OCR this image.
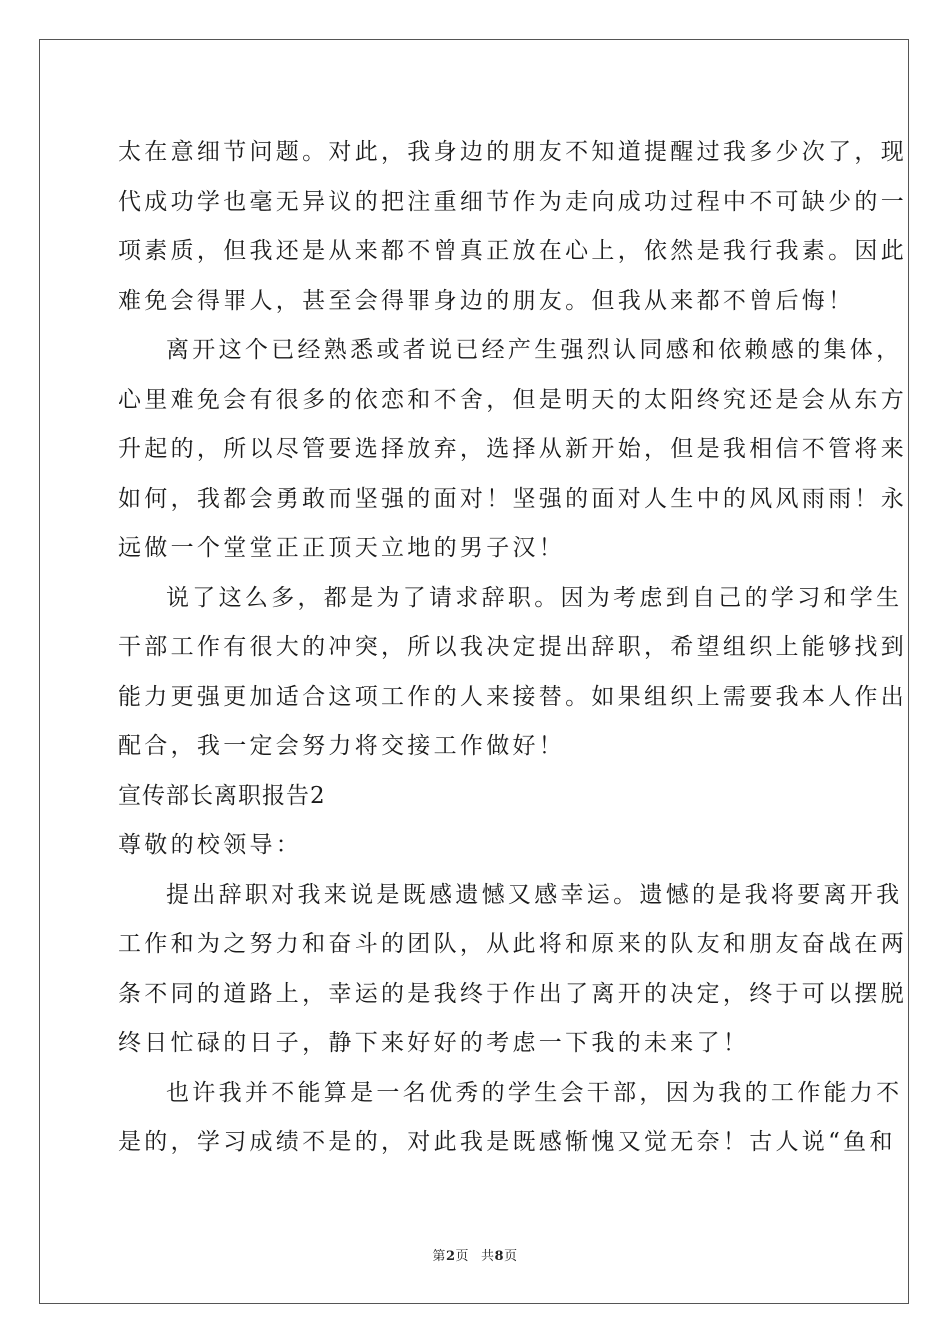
太在意细节问题。对此，我身边的朋友不知道提醒过我多少次了，现
代成功学也毫无异议的把注重细节作为走向成功过程中不可缺少的一
项素质，但我还是从来都不曾真正放在心上，依然是我行我素。因此
难免会得罪人，甚至会得罪身边的朋友。但我从来都不曾后悔！
离开这个已经熟悉或者说已经产生强烈认同感和依赖感的集体，
心里难免会有很多的依恋和不舍，但是明天的太阳终究还是会从东方
升起的，所以尽管要选择放弃，选择从新开始，但是我相信不管将来
如何，我都会勇敢而坚强的面对！坚强的面对人生中的风风雨雨！永
远做一个堂堂正正顶天立地的男子汉！
说了这么多，都是为了请求辞职。因为考虑到自己的学习和学生
干部工作有很大的冲突，所以我决定提出辞职，希望组织上能够找到
能力更强更加适合这项工作的人来接替。如果组织上需要我本人作出
配合，我一定会努力将交接工作做好！
宣传部长离职报告2
尊敬的校领导：
提出辞职对我来说是既感遗憾又感幸运。遗憾的是我将要离开我
工作和为之努力和奋斗的团队，从此将和原来的队友和朋友奋战在两
条不同的道路上，幸运的是我终于作出了离开的决定，终于可以摆脱
终日忙碌的日子，静下来好好的考虑一下我的未来了！
也许我并不能算是一名优秀的学生会干部，因为我的工作能力不
是的，学习成绩不是的，对此我是既感惭愧又觉无奈！古人说“鱼和
第2页 共8页
